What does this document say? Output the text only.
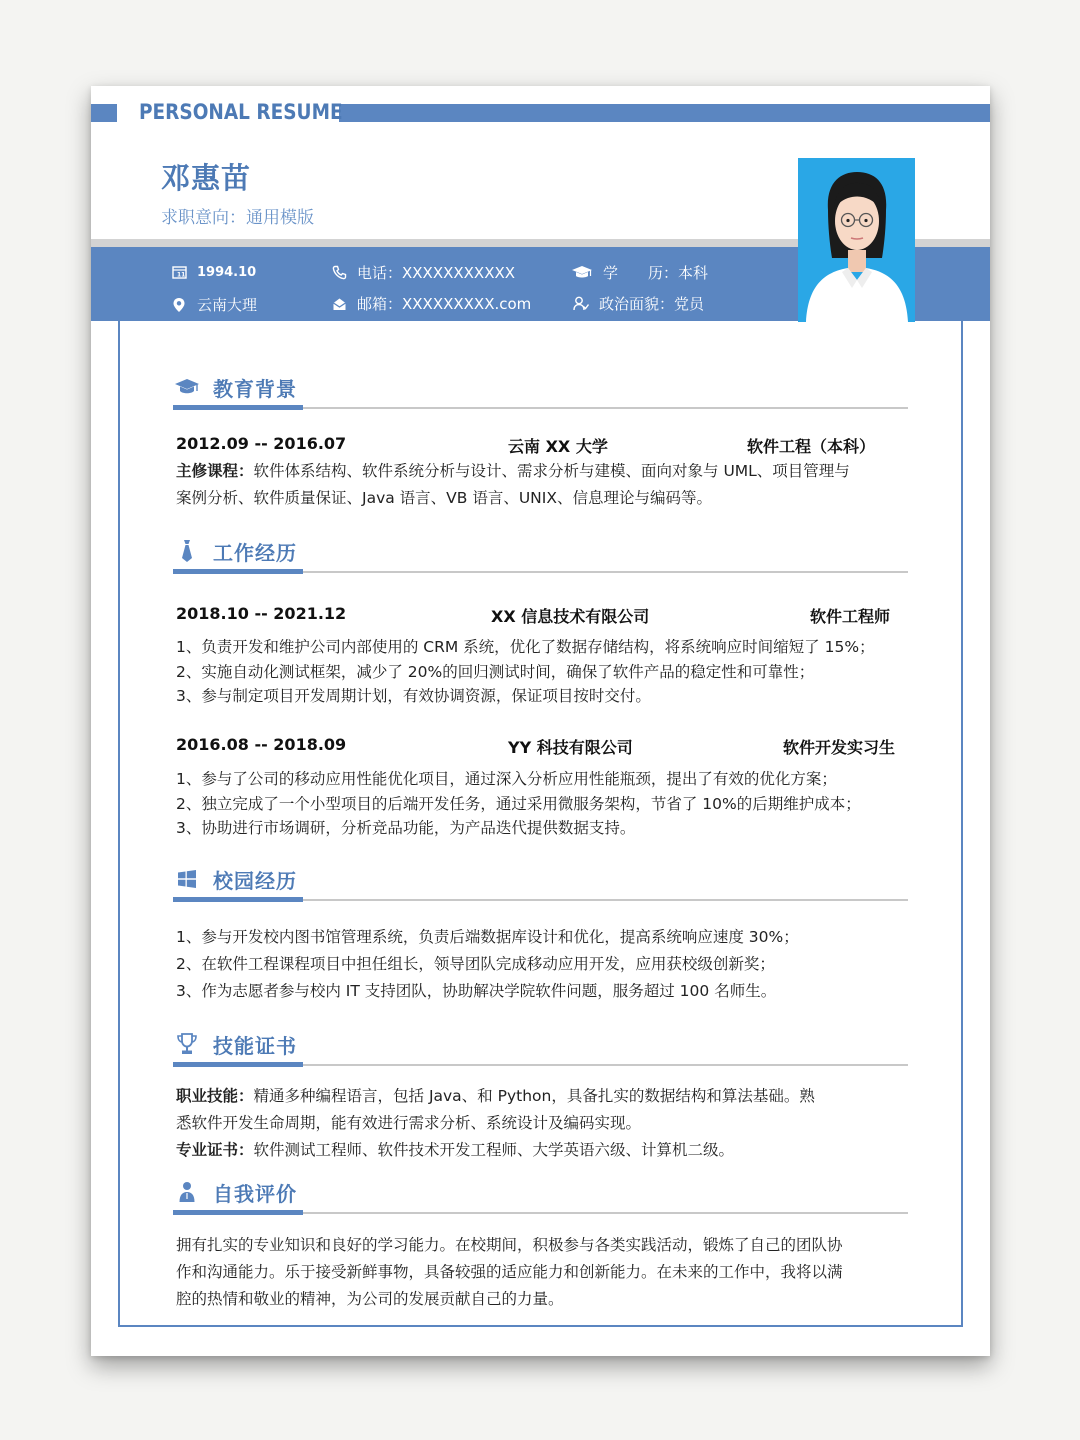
PERSONAL RESUME
邓惠苗
求职意向：通用模版
11 1994.10
云南大理
电话：XXXXXXXXXXX
邮箱：XXXXXXXXX.com
学　　历：本科
政治面貌：党员
教育背景
2012.09 -- 2016.07	云南 XX 大学	软件工程（本科）
主修课程：软件体系结构、软件系统分析与设计、需求分析与建模、面向对象与 UML、项目管理与
案例分析、软件质量保证、Java 语言、VB 语言、UNIX、信息理论与编码等。
工作经历
2018.10 -- 2021.12	XX 信息技术有限公司	软件工程师
1、负责开发和维护公司内部使用的 CRM 系统，优化了数据存储结构，将系统响应时间缩短了 15%；
2、实施自动化测试框架，减少了 20%的回归测试时间，确保了软件产品的稳定性和可靠性；
3、参与制定项目开发周期计划，有效协调资源，保证项目按时交付。
2016.08 -- 2018.09	YY 科技有限公司	软件开发实习生
1、参与了公司的移动应用性能优化项目，通过深入分析应用性能瓶颈，提出了有效的优化方案；
2、独立完成了一个小型项目的后端开发任务，通过采用微服务架构，节省了 10%的后期维护成本；
3、协助进行市场调研，分析竞品功能，为产品迭代提供数据支持。
校园经历
1、参与开发校内图书馆管理系统，负责后端数据库设计和优化，提高系统响应速度 30%；
2、在软件工程课程项目中担任组长，领导团队完成移动应用开发，应用获校级创新奖；
3、作为志愿者参与校内 IT 支持团队，协助解决学院软件问题，服务超过 100 名师生。
技能证书
职业技能：精通多种编程语言，包括 Java、和 Python，具备扎实的数据结构和算法基础。熟
悉软件开发生命周期，能有效进行需求分析、系统设计及编码实现。
专业证书：软件测试工程师、软件技术开发工程师、大学英语六级、计算机二级。
自我评价
拥有扎实的专业知识和良好的学习能力。在校期间，积极参与各类实践活动，锻炼了自己的团队协
作和沟通能力。乐于接受新鲜事物，具备较强的适应能力和创新能力。在未来的工作中，我将以满
腔的热情和敬业的精神，为公司的发展贡献自己的力量。
